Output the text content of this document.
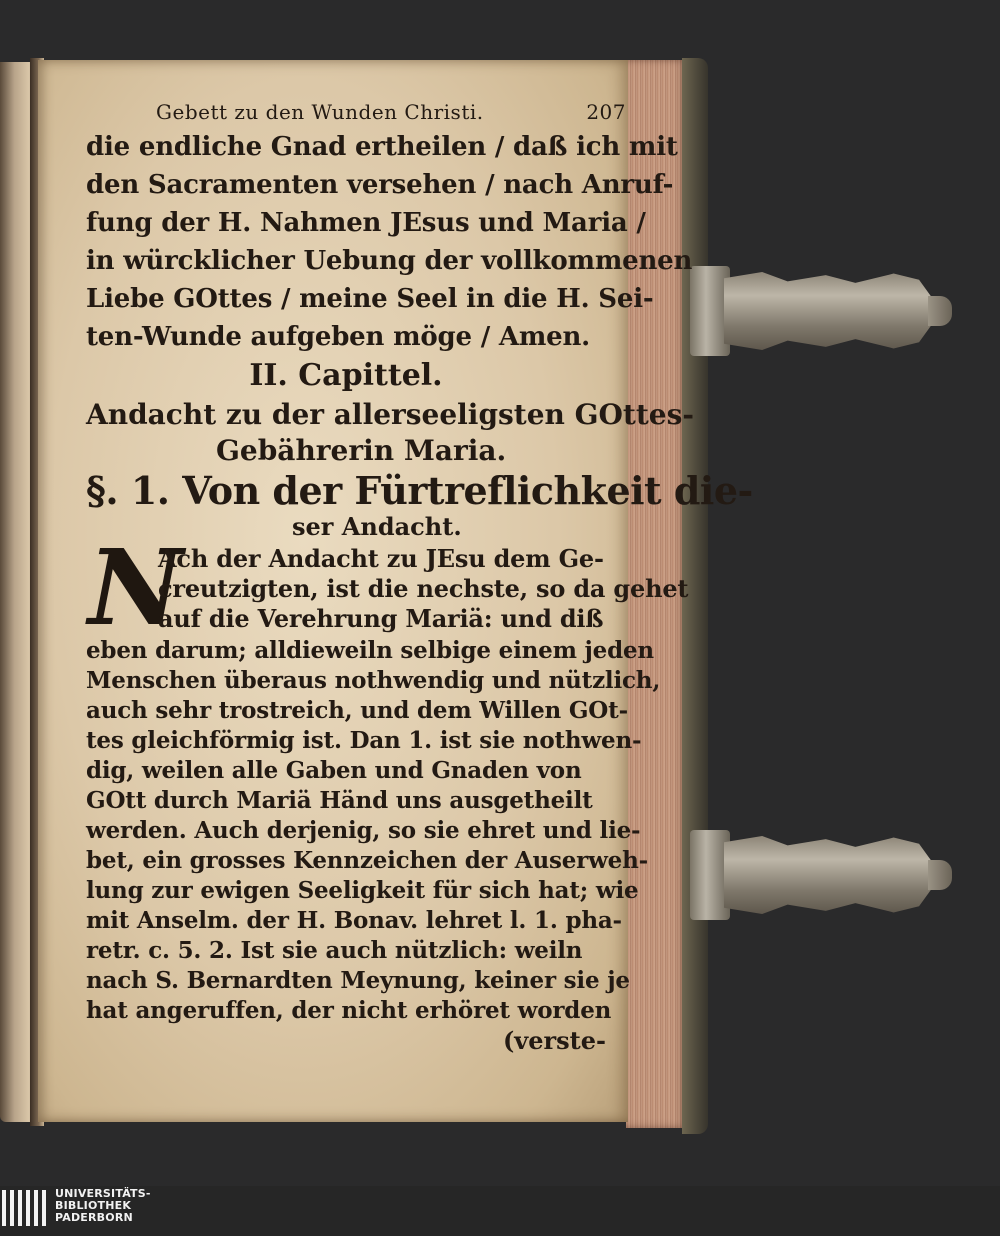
Gebett zu den Wunden Christi.	207
die endliche Gnad ertheilen / daß ich mit
den Sacramenten versehen / nach Anruf-
fung der H. Nahmen JEsus und Maria /
in würcklicher Uebung der vollkommenen
Liebe GOttes / meine Seel in die H. Sei-
ten-Wunde aufgeben möge / Amen.
II. Capittel.
Andacht zu der allerseeligsten GOttes-
Gebährerin Maria.
§. 1. Von der Fürtreflichkeit die-
ser Andacht.
N
Ach der Andacht zu JEsu dem Ge-
creutzigten, ist die nechste, so da gehet
auf die Verehrung Mariä: und diß
eben darum; alldieweiln selbige einem jeden
Menschen überaus nothwendig und nützlich,
auch sehr trostreich, und dem Willen GOt-
tes gleichförmig ist. Dan 1. ist sie nothwen-
dig, weilen alle Gaben und Gnaden von
GOtt durch Mariä Händ uns ausgetheilt
werden. Auch derjenig, so sie ehret und lie-
bet, ein grosses Kennzeichen der Auserweh-
lung zur ewigen Seeligkeit für sich hat; wie
mit Anselm. der H. Bonav. lehret l. 1. pha-
retr. c. 5. 2. Ist sie auch nützlich: weiln
nach S. Bernardten Meynung, keiner sie je
hat angeruffen, der nicht erhöret worden
(verste-
UNIVERSITÄTS-
BIBLIOTHEK
PADERBORN
